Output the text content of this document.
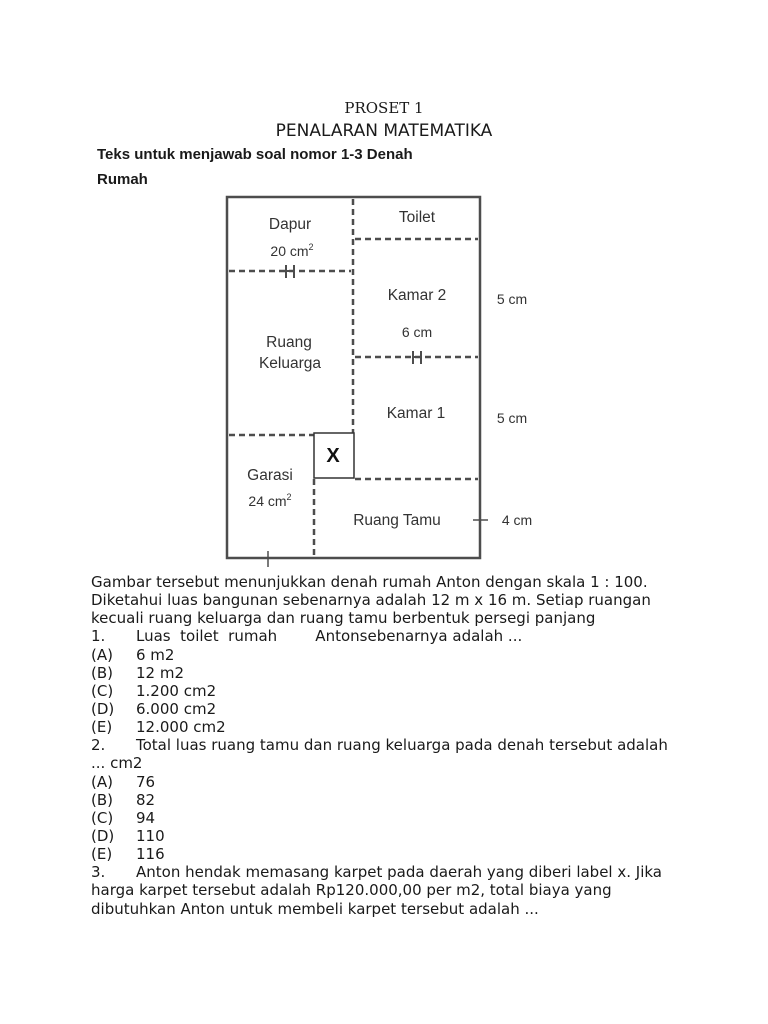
PROSET 1
PENALARAN MATEMATIKA
Teks untuk menjawab soal nomor 1-3 Denah
Rumah
Dapur
20 $cm^2$
Toilet
Kamar 2
6 cm
Ruang
Keluarga
Kamar 1
X
Garasi
24 $cm^2$
Ruang Tamu
5 cm
5 cm
4 cm
Gambar tersebut menunjukkan denah rumah Anton dengan skala 1 : 100.
Diketahui luas bangunan sebenarnya adalah 12 m x 16 m. Setiap ruangan
kecuali ruang keluarga dan ruang tamu berbentuk persegi panjang
1. Luas  toilet  rumah        Antonsebenarnya adalah ...
(A) 6 m2
(B) 12 m2
(C) 1.200 cm2
(D) 6.000 cm2
(E) 12.000 cm2
2. Total luas ruang tamu dan ruang keluarga pada denah tersebut adalah
... cm2
(A) 76
(B) 82
(C) 94
(D) 110
(E) 116
3. Anton hendak memasang karpet pada daerah yang diberi label x. Jika
harga karpet tersebut adalah Rp120.000,00 per m2, total biaya yang
dibutuhkan Anton untuk membeli karpet tersebut adalah ...
